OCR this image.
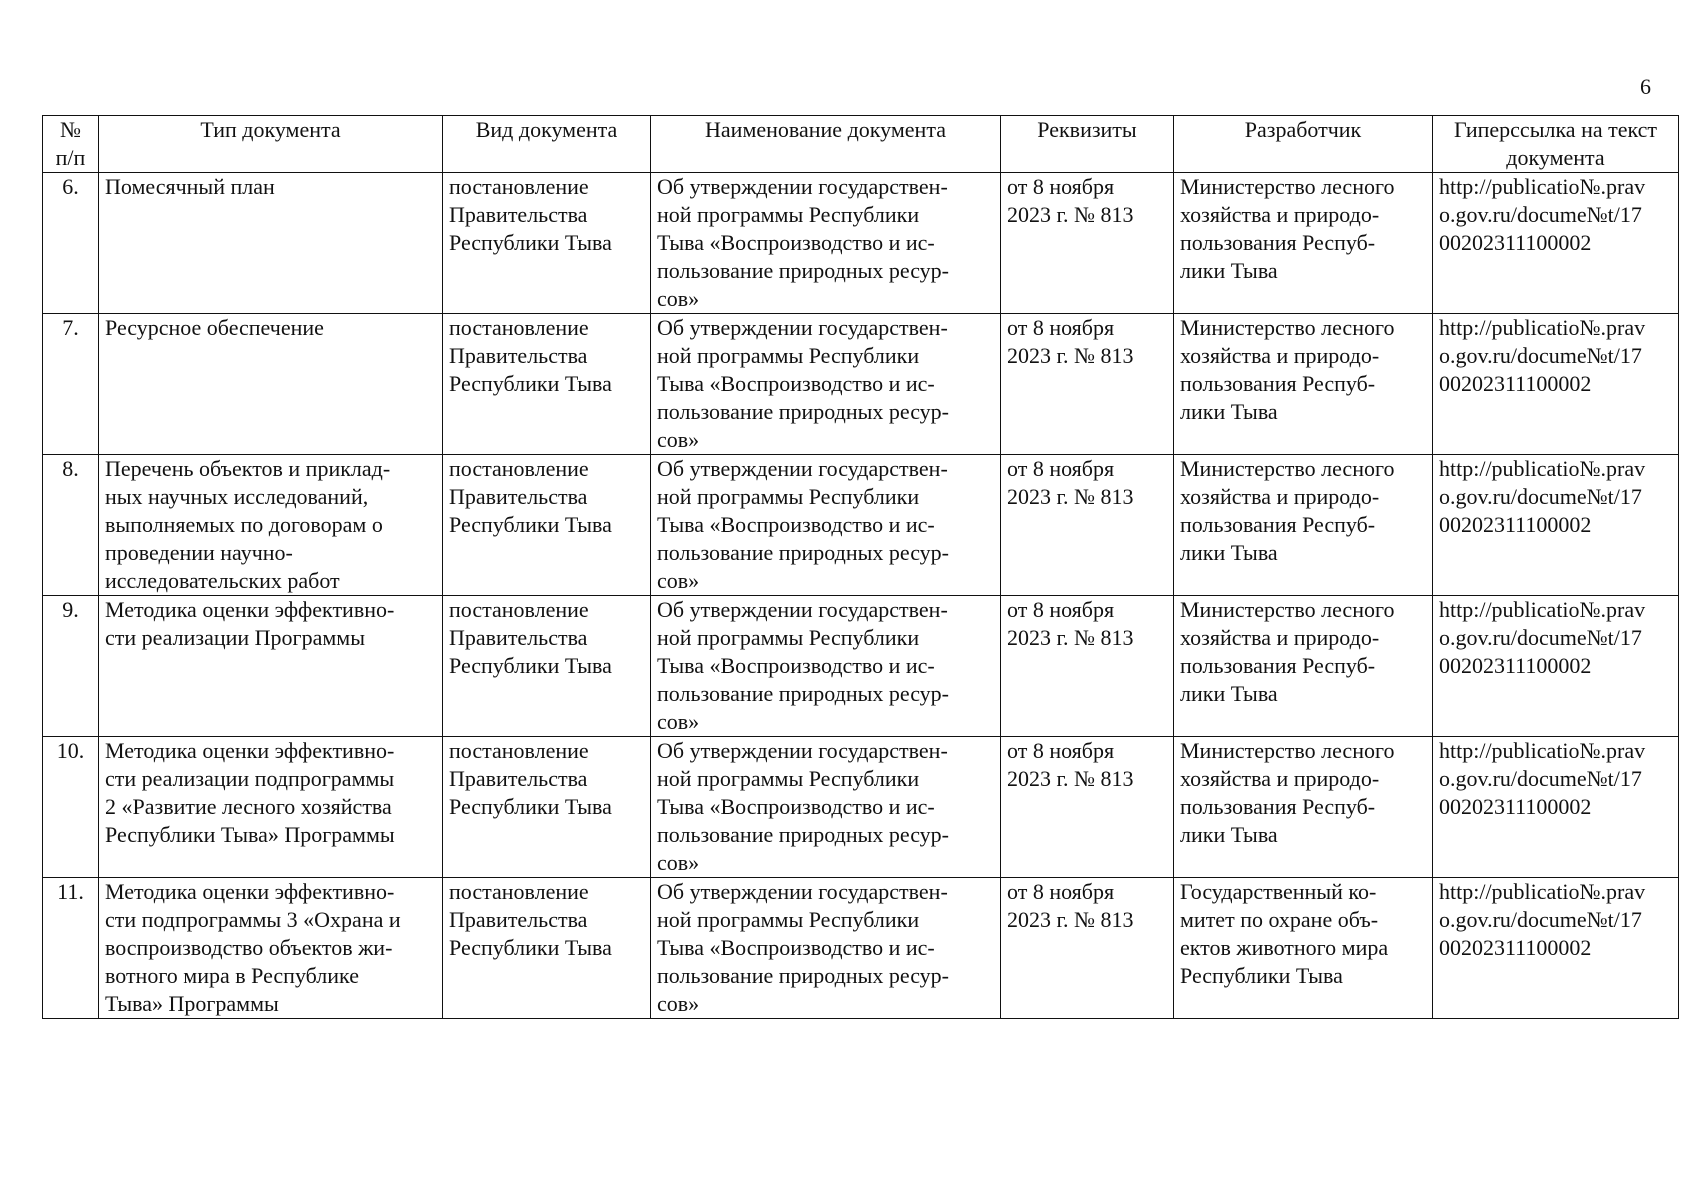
6
№
п/п	Тип документа	Вид документа	Наименование документа	Реквизиты	Разработчик	Гиперссылка на текст
документа
6.	Помесячный план	постановление
Правительства
Республики Тыва	Об утверждении государствен-
ной программы Республики
Тыва «Воспроизводство и ис-
пользование природных ресур-
сов»	от 8 ноября
2023 г. № 813	Министерство лесного
хозяйства и природо-
пользования Респуб-
лики Тыва	http://publicatio№.prav
o.gov.ru/docume№t/17
00202311100002
7.	Ресурсное обеспечение	постановление
Правительства
Республики Тыва	Об утверждении государствен-
ной программы Республики
Тыва «Воспроизводство и ис-
пользование природных ресур-
сов»	от 8 ноября
2023 г. № 813	Министерство лесного
хозяйства и природо-
пользования Респуб-
лики Тыва	http://publicatio№.prav
o.gov.ru/docume№t/17
00202311100002
8.	Перечень объектов и приклад-
ных научных исследований,
выполняемых по договорам о
проведении научно-
исследовательских работ	постановление
Правительства
Республики Тыва	Об утверждении государствен-
ной программы Республики
Тыва «Воспроизводство и ис-
пользование природных ресур-
сов»	от 8 ноября
2023 г. № 813	Министерство лесного
хозяйства и природо-
пользования Респуб-
лики Тыва	http://publicatio№.prav
o.gov.ru/docume№t/17
00202311100002
9.	Методика оценки эффективно-
сти реализации Программы	постановление
Правительства
Республики Тыва	Об утверждении государствен-
ной программы Республики
Тыва «Воспроизводство и ис-
пользование природных ресур-
сов»	от 8 ноября
2023 г. № 813	Министерство лесного
хозяйства и природо-
пользования Респуб-
лики Тыва	http://publicatio№.prav
o.gov.ru/docume№t/17
00202311100002
10.	Методика оценки эффективно-
сти реализации подпрограммы
2 «Развитие лесного хозяйства
Республики Тыва» Программы	постановление
Правительства
Республики Тыва	Об утверждении государствен-
ной программы Республики
Тыва «Воспроизводство и ис-
пользование природных ресур-
сов»	от 8 ноября
2023 г. № 813	Министерство лесного
хозяйства и природо-
пользования Респуб-
лики Тыва	http://publicatio№.prav
o.gov.ru/docume№t/17
00202311100002
11.	Методика оценки эффективно-
сти подпрограммы 3 «Охрана и
воспроизводство объектов жи-
вотного мира в Республике
Тыва» Программы	постановление
Правительства
Республики Тыва	Об утверждении государствен-
ной программы Республики
Тыва «Воспроизводство и ис-
пользование природных ресур-
сов»	от 8 ноября
2023 г. № 813	Государственный ко-
митет по охране объ-
ектов животного мира
Республики Тыва	http://publicatio№.prav
o.gov.ru/docume№t/17
00202311100002
